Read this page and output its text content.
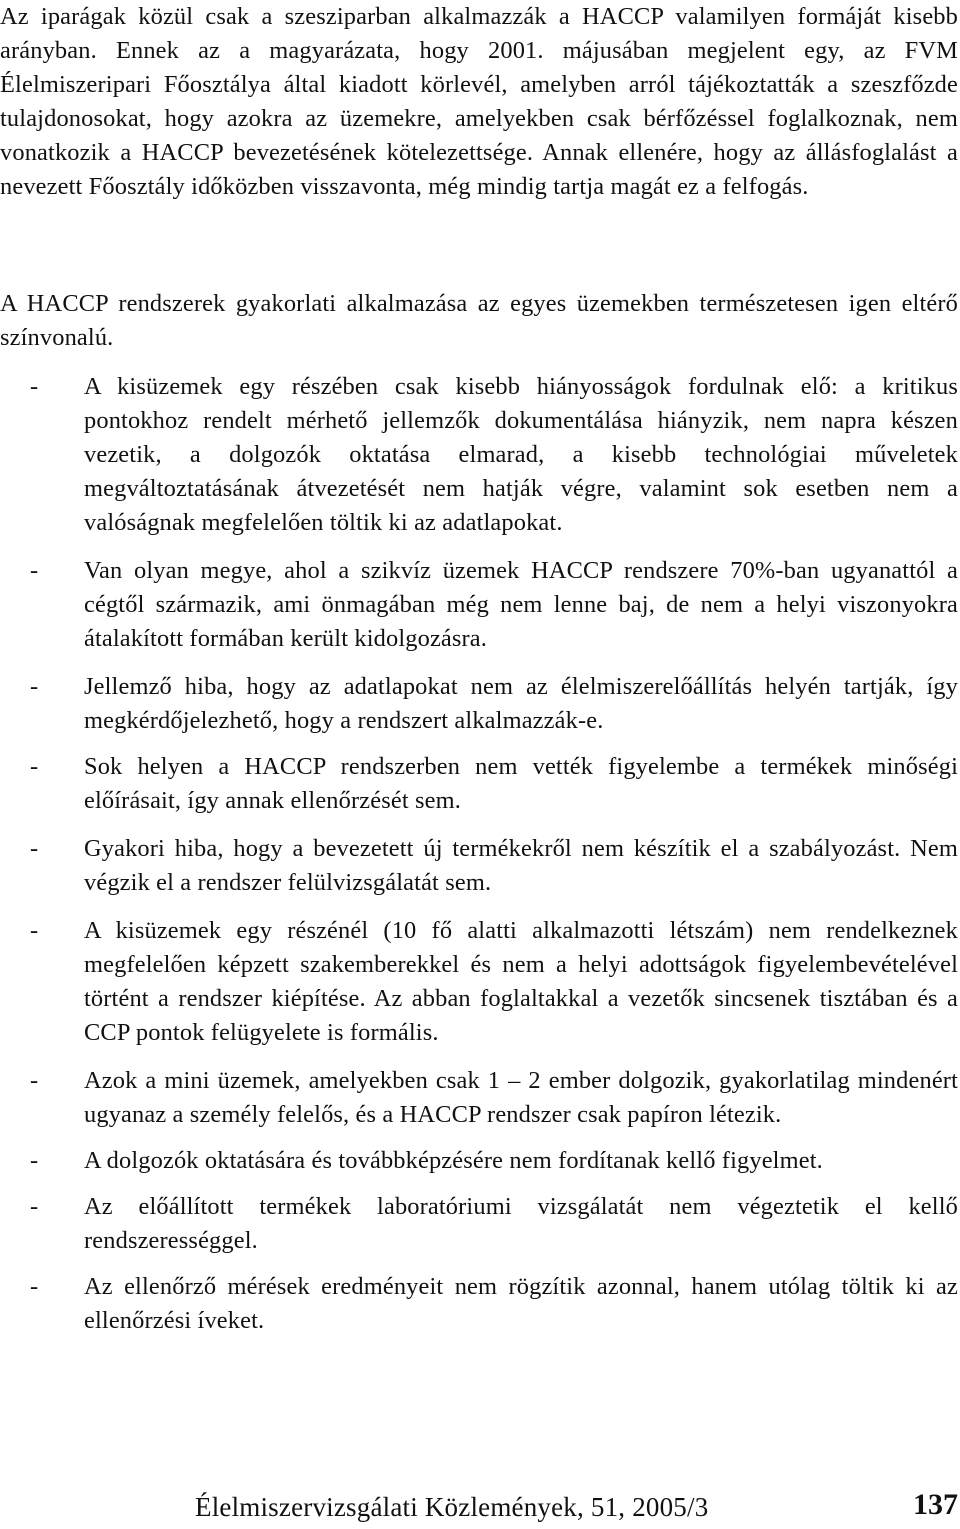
Az iparágak közül csak a szesziparban alkalmazzák a HACCP valamilyen formáját kisebb arányban. Ennek az a magyarázata, hogy 2001. májusában megjelent egy, az FVM Élelmiszeripari Főosztálya által kiadott körlevél, amelyben arról tájékoztatták a szeszfőzde tulajdonosokat, hogy azokra az üzemekre, amelyekben csak bérfőzéssel foglalkoznak, nem vonatkozik a HACCP bevezetésének kötelezettsége. Annak ellenére, hogy az állásfoglalást a nevezett Főosztály időközben visszavonta, még mindig tartja magát ez a felfogás.

A HACCP rendszerek gyakorlati alkalmazása az egyes üzemekben természetesen igen eltérő színvonalú.

- A kisüzemek egy részében csak kisebb hiányosságok fordulnak elő: a kritikus pontokhoz rendelt mérhető jellemzők dokumentálása hiányzik, nem napra készen vezetik, a dolgozók oktatása elmarad, a kisebb technológiai műveletek megváltoztatásának átvezetését nem hatják végre, valamint sok esetben nem a valóságnak megfelelően töltik ki az adatlapokat.
- Van olyan megye, ahol a szikvíz üzemek HACCP rendszere 70%-ban ugyanattól a cégtől származik, ami önmagában még nem lenne baj, de nem a helyi viszonyokra átalakított formában került kidolgozásra.
- Jellemző hiba, hogy az adatlapokat nem az élelmiszerelőállítás helyén tartják, így megkérdőjelezhető, hogy a rendszert alkalmazzák-e.
- Sok helyen a HACCP rendszerben nem vették figyelembe a termékek minőségi előírásait, így annak ellenőrzését sem.
- Gyakori hiba, hogy a bevezetett új termékekről nem készítik el a szabályozást. Nem végzik el a rendszer felülvizsgálatát sem.
- A kisüzemek egy részénél (10 fő alatti alkalmazotti létszám) nem rendelkeznek megfelelően képzett szakemberekkel és nem a helyi adottságok figyelembevételével történt a rendszer kiépítése. Az abban foglaltakkal a vezetők sincsenek tisztában és a CCP pontok felügyelete is formális.
- Azok a mini üzemek, amelyekben csak 1 – 2 ember dolgozik, gyakorlatilag mindenért ugyanaz a személy felelős, és a HACCP rendszer csak papíron létezik.
- A dolgozók oktatására és továbbképzésére nem fordítanak kellő figyelmet.
- Az előállított termékek laboratóriumi vizsgálatát nem végeztetik el kellő rendszerességgel.
- Az ellenőrző mérések eredményeit nem rögzítik azonnal, hanem utólag töltik ki az ellenőrzési íveket.
Élelmiszervizsgálati Közlemények, 51, 2005/3	137
